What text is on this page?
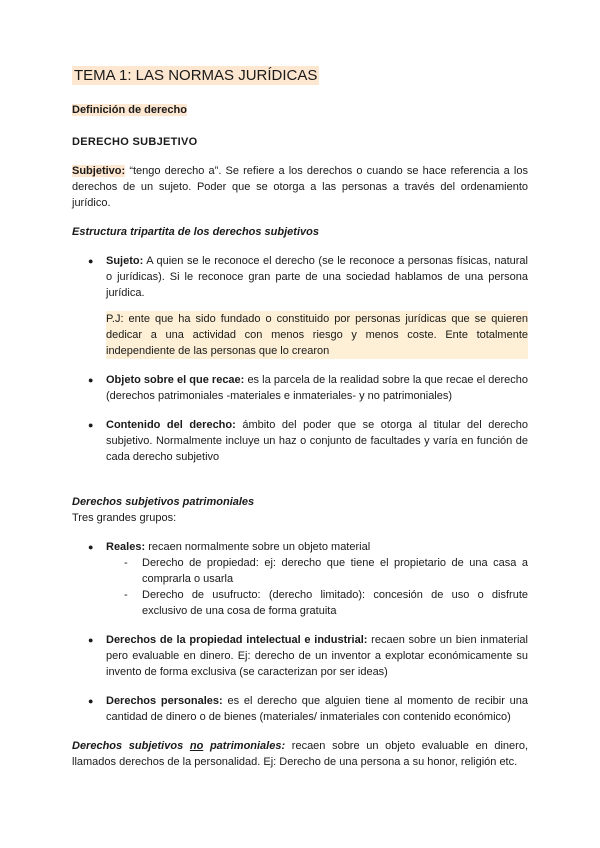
TEMA 1: LAS NORMAS JURÍDICAS

Definición de derecho

DERECHO SUBJETIVO

Subjetivo: “tengo derecho a”. Se refiere a los derechos o cuando se hace referencia a los derechos de un sujeto. Poder que se otorga a las personas a través del ordenamiento jurídico.

Estructura tripartita de los derechos subjetivos

● Sujeto: A quien se le reconoce el derecho (se le reconoce a personas físicas, natural o jurídicas). Si le reconoce gran parte de una sociedad hablamos de una persona jurídica.

P.J: ente que ha sido fundado o constituido por personas jurídicas que se quieren dedicar a una actividad con menos riesgo y menos coste. Ente totalmente independiente de las personas que lo crearon

● Objeto sobre el que recae: es la parcela de la realidad sobre la que recae el derecho (derechos patrimoniales -materiales e inmateriales- y no patrimoniales)
● Contenido del derecho: ámbito del poder que se otorga al titular del derecho subjetivo. Normalmente incluye un haz o conjunto de facultades y varía en función de cada derecho subjetivo

Derechos subjetivos patrimoniales

Tres grandes grupos:

● Reales: recaen normalmente sobre un objeto material
- Derecho de propiedad: ej: derecho que tiene el propietario de una casa a comprarla o usarla
- Derecho de usufructo: (derecho limitado): concesión de uso o disfrute exclusivo de una cosa de forma gratuita
● Derechos de la propiedad intelectual e industrial: recaen sobre un bien inmaterial pero evaluable en dinero. Ej: derecho de un inventor a explotar económicamente su invento de forma exclusiva (se caracterizan por ser ideas)
● Derechos personales: es el derecho que alguien tiene al momento de recibir una cantidad de dinero o de bienes (materiales/ inmateriales con contenido económico)

Derechos subjetivos no patrimoniales: recaen sobre un objeto evaluable en dinero, llamados derechos de la personalidad. Ej: Derecho de una persona a su honor, religión etc.
